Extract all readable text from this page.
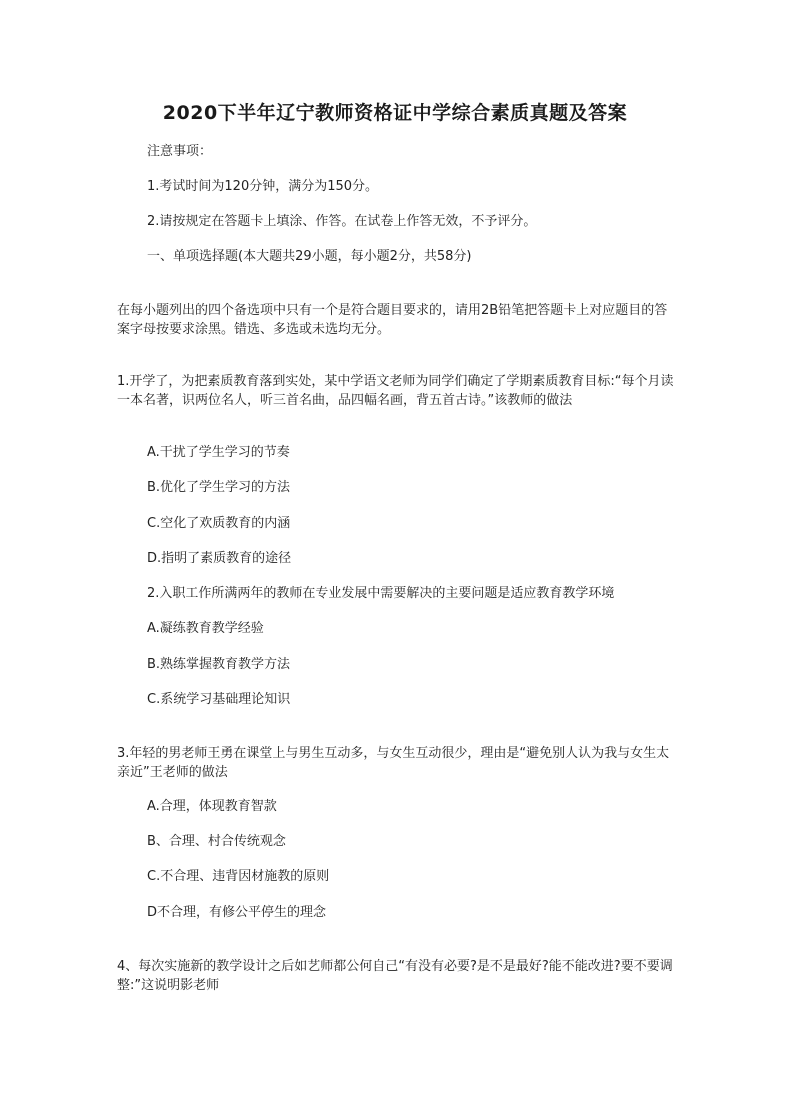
2020下半年辽宁教师资格证中学综合素质真题及答案
注意事项：
1.考试时间为120分钟，满分为150分。
2.请按规定在答题卡上填涂、作答。在试卷上作答无效，不予评分。
一、单项选择题(本大题共29小题，每小题2分，共58分)
在每小题列出的四个备选项中只有一个是符合题目要求的，请用2B铅笔把答题卡上对应题目的答案字母按要求涂黑。错选、多选或未选均无分。
1.开学了，为把素质教育落到实处，某中学语文老师为同学们确定了学期素质教育目标:“每个月读一本名著，识两位名人，听三首名曲，品四幅名画，背五首古诗。”该教师的做法
A.干扰了学生学习的节奏
B.优化了学生学习的方法
C.空化了欢质教育的内涵
D.指明了素质教育的途径
2.入职工作所满两年的教师在专业发展中需要解决的主要问题是适应教育教学环境
A.凝练教育教学经验
B.熟练掌握教育教学方法
C.系统学习基础理论知识
3.年轻的男老师王勇在课堂上与男生互动多，与女生互动很少，理由是“避免别人认为我与女生太亲近”王老师的做法
A.合理，体现教育智款
B、合理、村合传统观念
C.不合理、违背因材施教的原则
D不合理，有修公平停生的理念
4、每次实施新的教学设计之后如艺师都公何自己“有没有必要?是不是最好?能不能改进?要不要调整:”这说明影老师
